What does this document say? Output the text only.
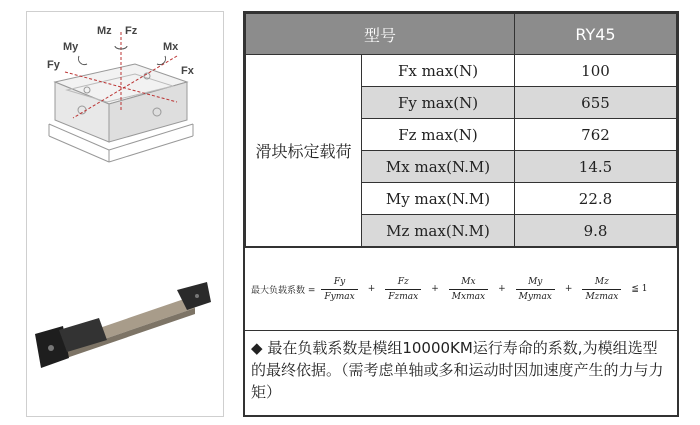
Mz Fz
My	Mx
Fy	Fx
型号		RY45
滑块标定载荷	Fx max(N)	100
	Fy max(N)	655
	Fz max(N)	762
	Mx max(N.M)	14.5
	My max(N.M)	22.8
	Mz max(N.M)	9.8
最大负载系数 = $\frac{Fy}{Fymax} + \frac{Fz}{Fzmax} + \frac{Mx}{Mxmax} + \frac{My}{Mymax} + \frac{Mz}{Mzmax}$ ≦ 1
◆ 最在负载系数是模组10000KM运行寿命的系数,为模组选型的最终依据。（需考虑单轴或多和运动时因加速度产生的力与力矩）
